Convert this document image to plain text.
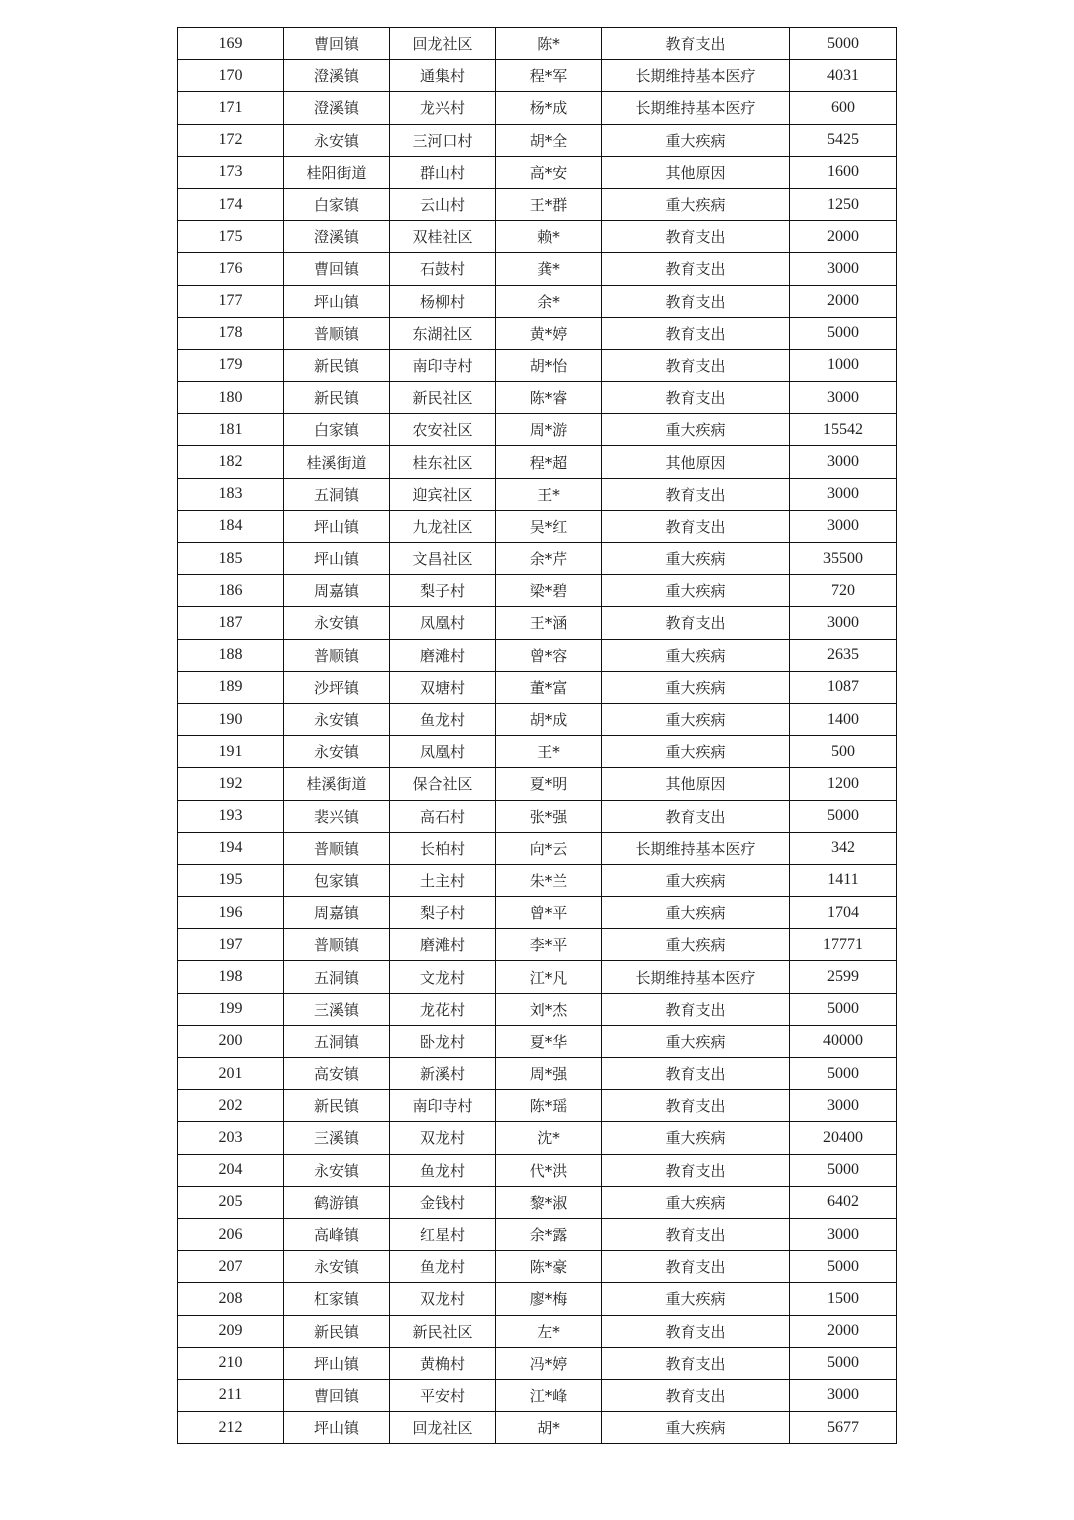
169	曹回镇	回龙社区	陈*	教育支出	5000
170	澄溪镇	通集村	程*军	长期维持基本医疗	4031
171	澄溪镇	龙兴村	杨*成	长期维持基本医疗	600
172	永安镇	三河口村	胡*全	重大疾病	5425
173	桂阳街道	群山村	高*安	其他原因	1600
174	白家镇	云山村	王*群	重大疾病	1250
175	澄溪镇	双桂社区	赖*	教育支出	2000
176	曹回镇	石鼓村	龚*	教育支出	3000
177	坪山镇	杨柳村	余*	教育支出	2000
178	普顺镇	东湖社区	黄*婷	教育支出	5000
179	新民镇	南印寺村	胡*怡	教育支出	1000
180	新民镇	新民社区	陈*睿	教育支出	3000
181	白家镇	农安社区	周*游	重大疾病	15542
182	桂溪街道	桂东社区	程*超	其他原因	3000
183	五洞镇	迎宾社区	王*	教育支出	3000
184	坪山镇	九龙社区	吴*红	教育支出	3000
185	坪山镇	文昌社区	余*芹	重大疾病	35500
186	周嘉镇	梨子村	梁*碧	重大疾病	720
187	永安镇	凤凰村	王*涵	教育支出	3000
188	普顺镇	磨滩村	曾*容	重大疾病	2635
189	沙坪镇	双塘村	董*富	重大疾病	1087
190	永安镇	鱼龙村	胡*成	重大疾病	1400
191	永安镇	凤凰村	王*	重大疾病	500
192	桂溪街道	保合社区	夏*明	其他原因	1200
193	裴兴镇	高石村	张*强	教育支出	5000
194	普顺镇	长柏村	向*云	长期维持基本医疗	342
195	包家镇	土主村	朱*兰	重大疾病	1411
196	周嘉镇	梨子村	曾*平	重大疾病	1704
197	普顺镇	磨滩村	李*平	重大疾病	17771
198	五洞镇	文龙村	江*凡	长期维持基本医疗	2599
199	三溪镇	龙花村	刘*杰	教育支出	5000
200	五洞镇	卧龙村	夏*华	重大疾病	40000
201	高安镇	新溪村	周*强	教育支出	5000
202	新民镇	南印寺村	陈*瑶	教育支出	3000
203	三溪镇	双龙村	沈*	重大疾病	20400
204	永安镇	鱼龙村	代*洪	教育支出	5000
205	鹤游镇	金钱村	黎*淑	重大疾病	6402
206	高峰镇	红星村	余*露	教育支出	3000
207	永安镇	鱼龙村	陈*豪	教育支出	5000
208	杠家镇	双龙村	廖*梅	重大疾病	1500
209	新民镇	新民社区	左*	教育支出	2000
210	坪山镇	黄桷村	冯*婷	教育支出	5000
211	曹回镇	平安村	江*峰	教育支出	3000
212	坪山镇	回龙社区	胡*	重大疾病	5677
